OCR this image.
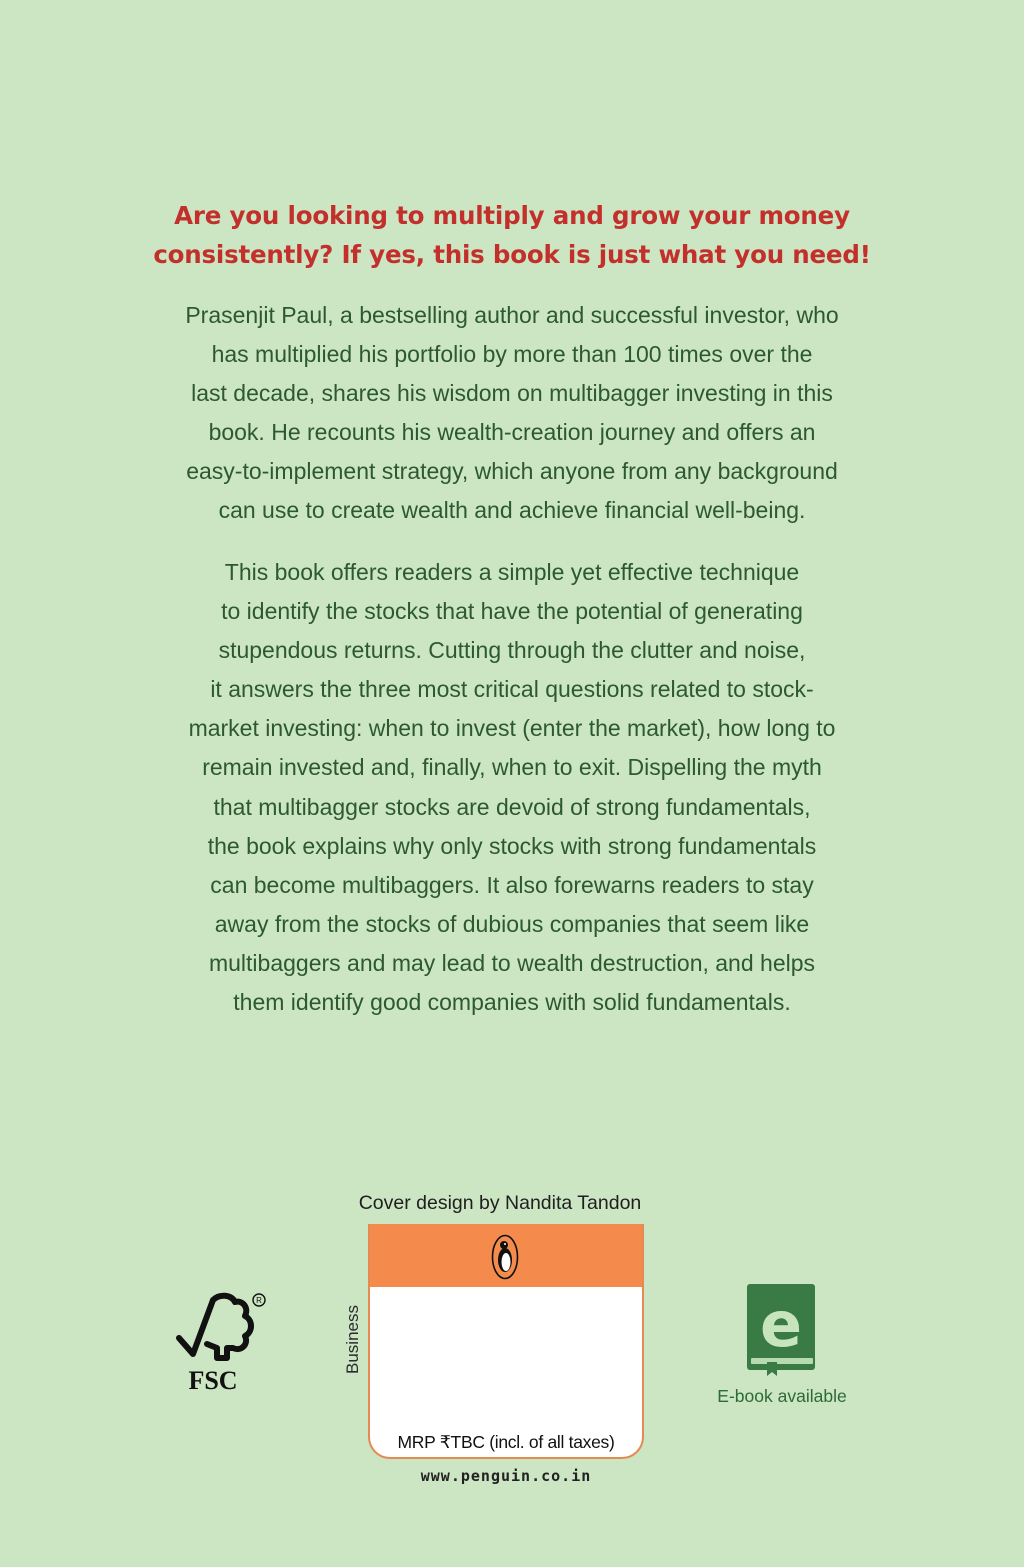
Are you looking to multiply and grow your money
consistently? If yes, this book is just what you need!

Prasenjit Paul, a bestselling author and successful investor, who
has multiplied his portfolio by more than 100 times over the
last decade, shares his wisdom on multibagger investing in this
book. He recounts his wealth-creation journey and offers an
easy-to-implement strategy, which anyone from any background
can use to create wealth and achieve financial well-being.

This book offers readers a simple yet effective technique
to identify the stocks that have the potential of generating
stupendous returns. Cutting through the clutter and noise,
it answers the three most critical questions related to stock-
market investing: when to invest (enter the market), how long to
remain invested and, finally, when to exit. Dispelling the myth
that multibagger stocks are devoid of strong fundamentals,
the book explains why only stocks with strong fundamentals
can become multibaggers. It also forewarns readers to stay
away from the stocks of dubious companies that seem like
multibaggers and may lead to wealth destruction, and helps
them identify good companies with solid fundamentals.

R
FSC
Cover design by Nandita Tandon
Business
MRP ₹TBC (incl. of all taxes)
www.penguin.co.in
e
E-book available
